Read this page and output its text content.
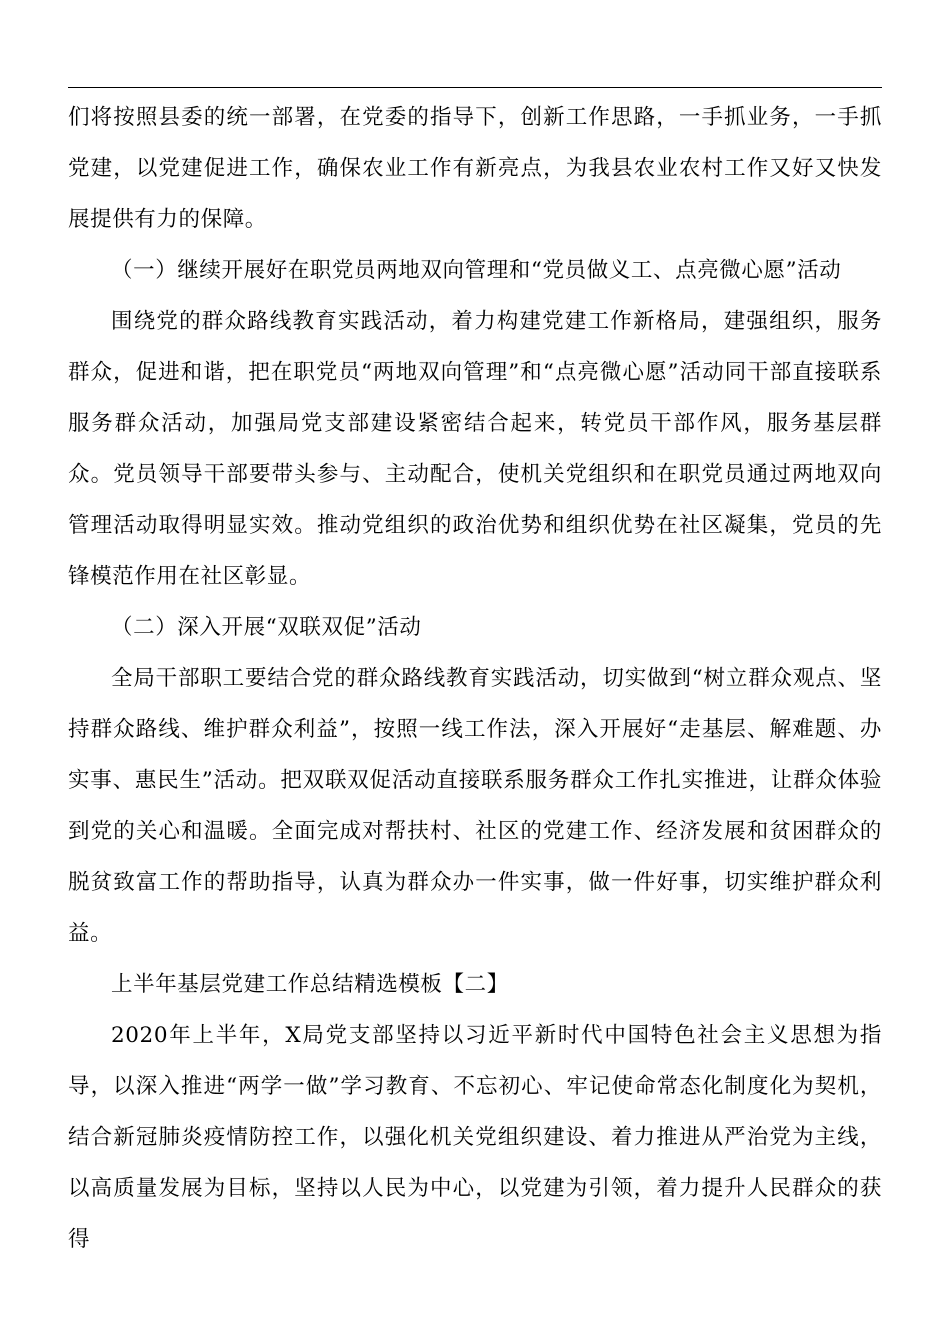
们将按照县委的统一部署，在党委的指导下，创新工作思路，一手抓业务，一手抓党建，以党建促进工作，确保农业工作有新亮点，为我县农业农村工作又好又快发展提供有力的保障。

（一）继续开展好在职党员两地双向管理和“党员做义工、点亮微心愿”活动

围绕党的群众路线教育实践活动，着力构建党建工作新格局，建强组织，服务群众，促进和谐，把在职党员“两地双向管理”和“点亮微心愿”活动同干部直接联系服务群众活动，加强局党支部建设紧密结合起来，转党员干部作风，服务基层群众。党员领导干部要带头参与、主动配合，使机关党组织和在职党员通过两地双向管理活动取得明显实效。推动党组织的政治优势和组织优势在社区凝集，党员的先锋模范作用在社区彰显。

（二）深入开展“双联双促”活动

全局干部职工要结合党的群众路线教育实践活动，切实做到“树立群众观点、坚持群众路线、维护群众利益”，按照一线工作法，深入开展好“走基层、解难题、办实事、惠民生”活动。把双联双促活动直接联系服务群众工作扎实推进，让群众体验到党的关心和温暖。全面完成对帮扶村、社区的党建工作、经济发展和贫困群众的脱贫致富工作的帮助指导，认真为群众办一件实事，做一件好事，切实维护群众利益。

上半年基层党建工作总结精选模板【二】

2020年上半年，X局党支部坚持以习近平新时代中国特色社会主义思想为指导，以深入推进“两学一做”学习教育、不忘初心、牢记使命常态化制度化为契机，结合新冠肺炎疫情防控工作，以强化机关党组织建设、着力推进从严治党为主线，以高质量发展为目标，坚持以人民为中心，以党建为引领，着力提升人民群众的获得
